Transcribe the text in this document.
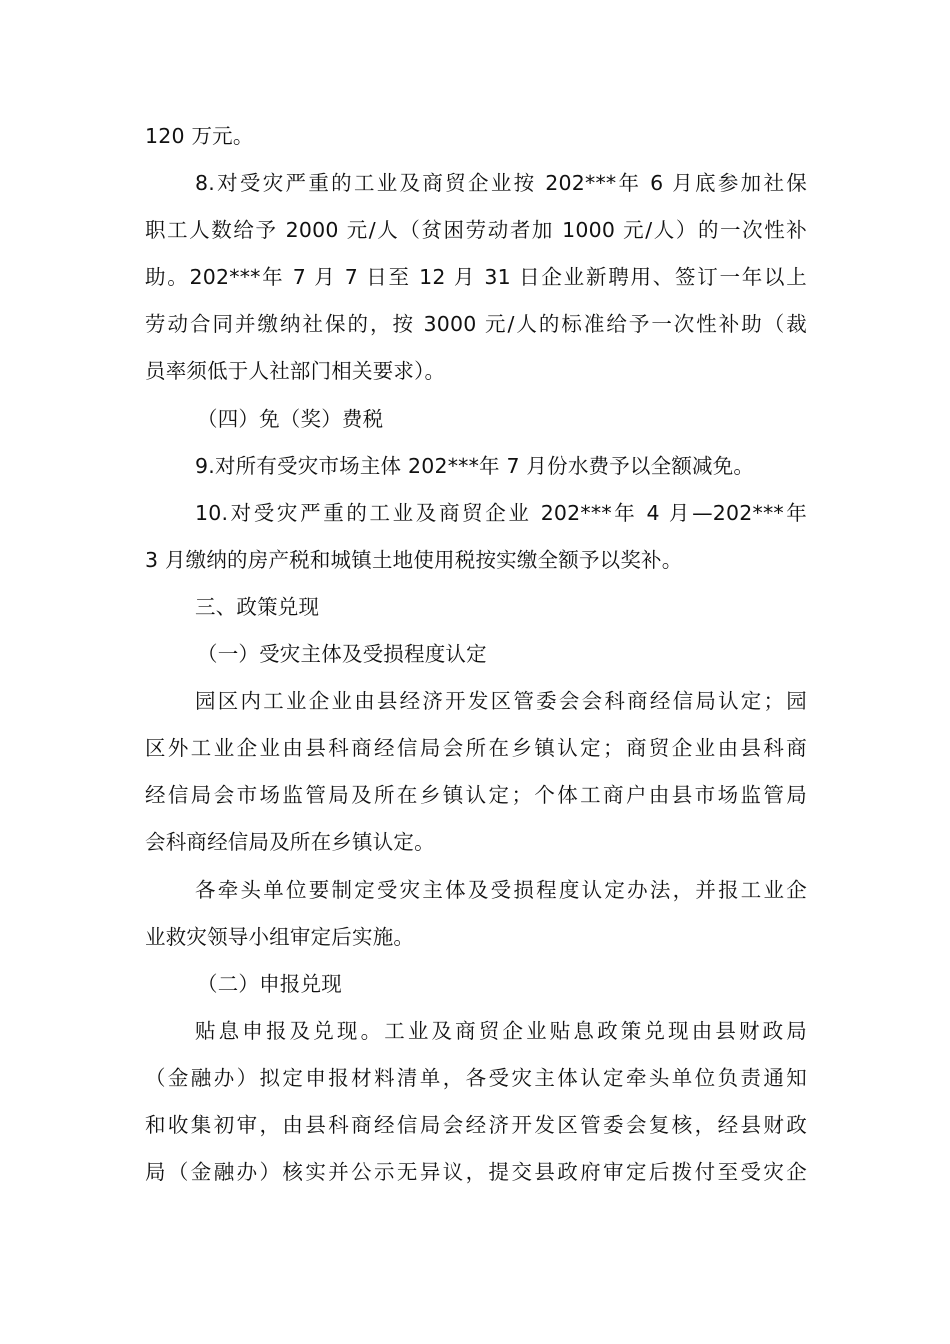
120 万元。
8.对受灾严重的工业及商贸企业按 202***年 6 月底参加社保
职工人数给予 2000 元/人（贫困劳动者加 1000 元/人）的一次性补
助。202***年 7 月 7 日至 12 月 31 日企业新聘用、签订一年以上
劳动合同并缴纳社保的，按 3000 元/人的标准给予一次性补助（裁
员率须低于人社部门相关要求）。
（四）免（奖）费税
9.对所有受灾市场主体 202***年 7 月份水费予以全额减免。
10.对受灾严重的工业及商贸企业 202***年 4 月—202***年
3 月缴纳的房产税和城镇土地使用税按实缴全额予以奖补。
三、政策兑现
（一）受灾主体及受损程度认定
园区内工业企业由县经济开发区管委会会科商经信局认定；园
区外工业企业由县科商经信局会所在乡镇认定；商贸企业由县科商
经信局会市场监管局及所在乡镇认定；个体工商户由县市场监管局
会科商经信局及所在乡镇认定。
各牵头单位要制定受灾主体及受损程度认定办法，并报工业企
业救灾领导小组审定后实施。
（二）申报兑现
贴息申报及兑现。工业及商贸企业贴息政策兑现由县财政局
（金融办）拟定申报材料清单，各受灾主体认定牵头单位负责通知
和收集初审，由县科商经信局会经济开发区管委会复核，经县财政
局（金融办）核实并公示无异议，提交县政府审定后拨付至受灾企
